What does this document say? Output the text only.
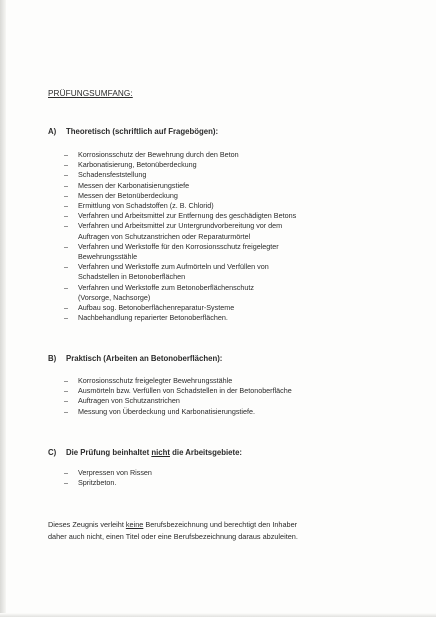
PRÜFUNGSUMFANG:
A) Theoretisch (schriftlich auf Fragebögen):
– Korrosionsschutz der Bewehrung durch den Beton
– Karbonatisierung, Betonüberdeckung
– Schadensfeststellung
– Messen der Karbonatisierungstiefe
– Messen der Betonüberdeckung
– Ermittlung von Schadstoffen (z. B. Chlorid)
– Verfahren und Arbeitsmittel zur Entfernung des geschädigten Betons
– Verfahren und Arbeitsmittel zur Untergrundvorbereitung vor dem
Auftragen von Schutzanstrichen oder Reparaturmörtel
– Verfahren und Werkstoffe für den Korrosionsschutz freigelegter
Bewehrungsstähle
– Verfahren und Werkstoffe zum Aufmörteln und Verfüllen von
Schadstellen in Betonoberflächen
– Verfahren und Werkstoffe zum Betonoberflächenschutz
(Vorsorge, Nachsorge)
– Aufbau sog. Betonoberflächenreparatur-Systeme
– Nachbehandlung reparierter Betonoberflächen.
B) Praktisch (Arbeiten an Betonoberflächen):
– Korrosionsschutz freigelegter Bewehrungsstähle
– Ausmörteln bzw. Verfüllen von Schadstellen in der Betonoberfläche
– Auftragen von Schutzanstrichen
– Messung von Überdeckung und Karbonatisierungstiefe.
C) Die Prüfung beinhaltet nicht die Arbeitsgebiete:
– Verpressen von Rissen
– Spritzbeton.
Dieses Zeugnis verleiht keine Berufsbezeichnung und berechtigt den Inhaber
daher auch nicht, einen Titel oder eine Berufsbezeichnung daraus abzuleiten.
